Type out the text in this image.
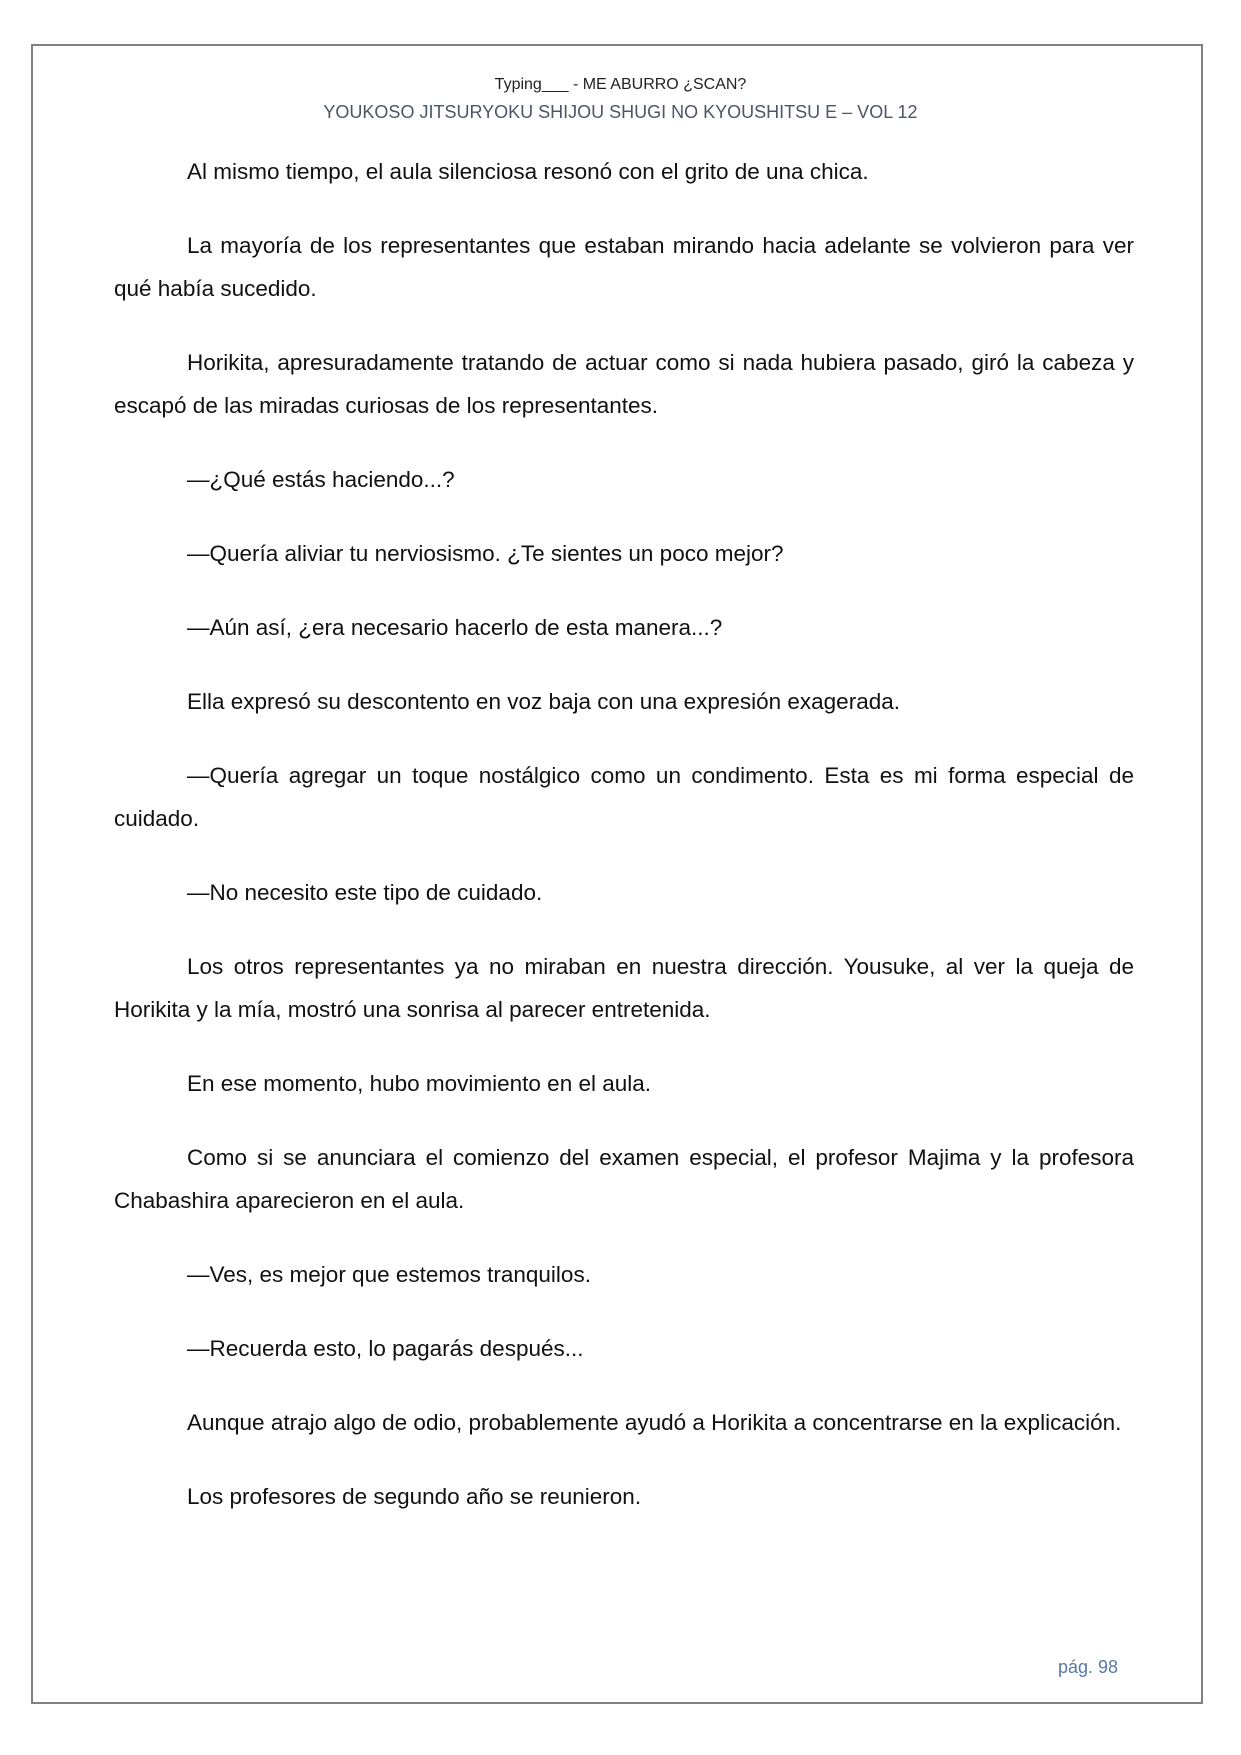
Typing___ - ME ABURRO ¿SCAN?
YOUKOSO JITSURYOKU SHIJOU SHUGI NO KYOUSHITSU E – VOL 12

Al mismo tiempo, el aula silenciosa resonó con el grito de una chica.

La mayoría de los representantes que estaban mirando hacia adelante se volvieron para ver qué había sucedido.

Horikita, apresuradamente tratando de actuar como si nada hubiera pasado, giró la cabeza y escapó de las miradas curiosas de los representantes.

—¿Qué estás haciendo...?

—Quería aliviar tu nerviosismo. ¿Te sientes un poco mejor?

—Aún así, ¿era necesario hacerlo de esta manera...?

Ella expresó su descontento en voz baja con una expresión exagerada.

—Quería agregar un toque nostálgico como un condimento. Esta es mi forma especial de cuidado.

—No necesito este tipo de cuidado.

Los otros representantes ya no miraban en nuestra dirección. Yousuke, al ver la queja de Horikita y la mía, mostró una sonrisa al parecer entretenida.

En ese momento, hubo movimiento en el aula.

Como si se anunciara el comienzo del examen especial, el profesor Majima y la profesora Chabashira aparecieron en el aula.

—Ves, es mejor que estemos tranquilos.

—Recuerda esto, lo pagarás después...

Aunque atrajo algo de odio, probablemente ayudó a Horikita a concentrarse en la explicación.

Los profesores de segundo año se reunieron.

pág. 98
